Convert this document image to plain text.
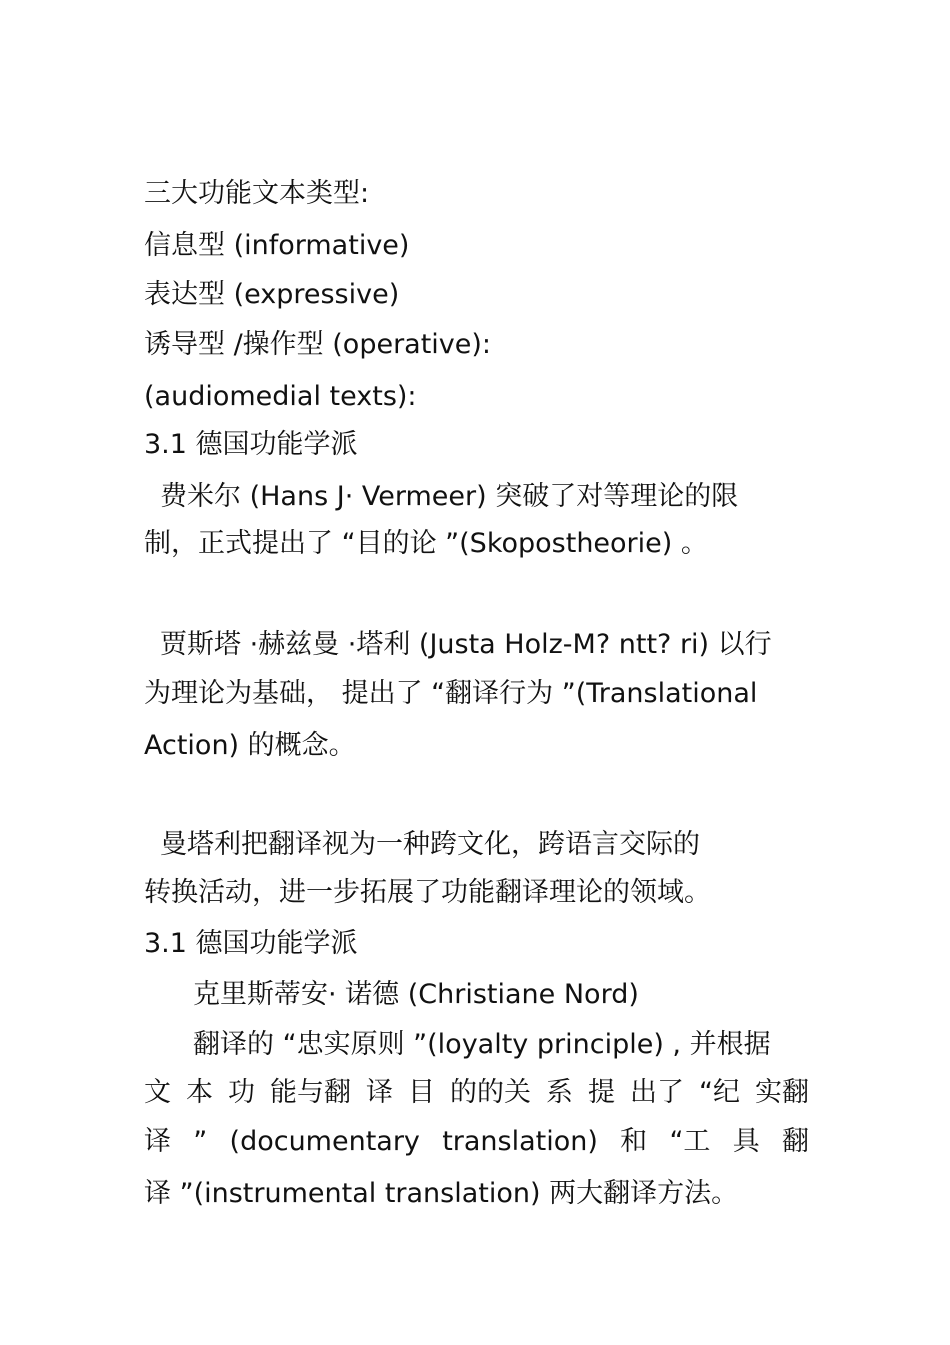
三大功能文本类型:
信息型 (informative)
表达型 (expressive)
诱导型 /操作型 (operative):
(audiomedial texts):
3.1 德国功能学派
费米尔 (Hans J· Vermeer) 突破了对等理论的限
制，正式提出了 “目的论 ”(Skopostheorie) 。
贾斯塔 ·赫兹曼 ·塔利 (Justa Holz-M? ntt? ri) 以行
为理论为基础， 提出了 “翻译行为 ”(Translational
Action) 的概念。
曼塔利把翻译视为一种跨文化，跨语言交际的
转换活动，进一步拓展了功能翻译理论的领域。
3.1 德国功能学派
克里斯蒂安· 诺德 (Christiane Nord)
翻译的 “忠实原则 ”(loyalty principle) , 并根据
文 本 功 能与翻 译 目 的的关 系 提 出了 “纪 实翻
译 ” (documentary translation) 和 “工 具 翻
译 ”(instrumental translation) 两大翻译方法。
